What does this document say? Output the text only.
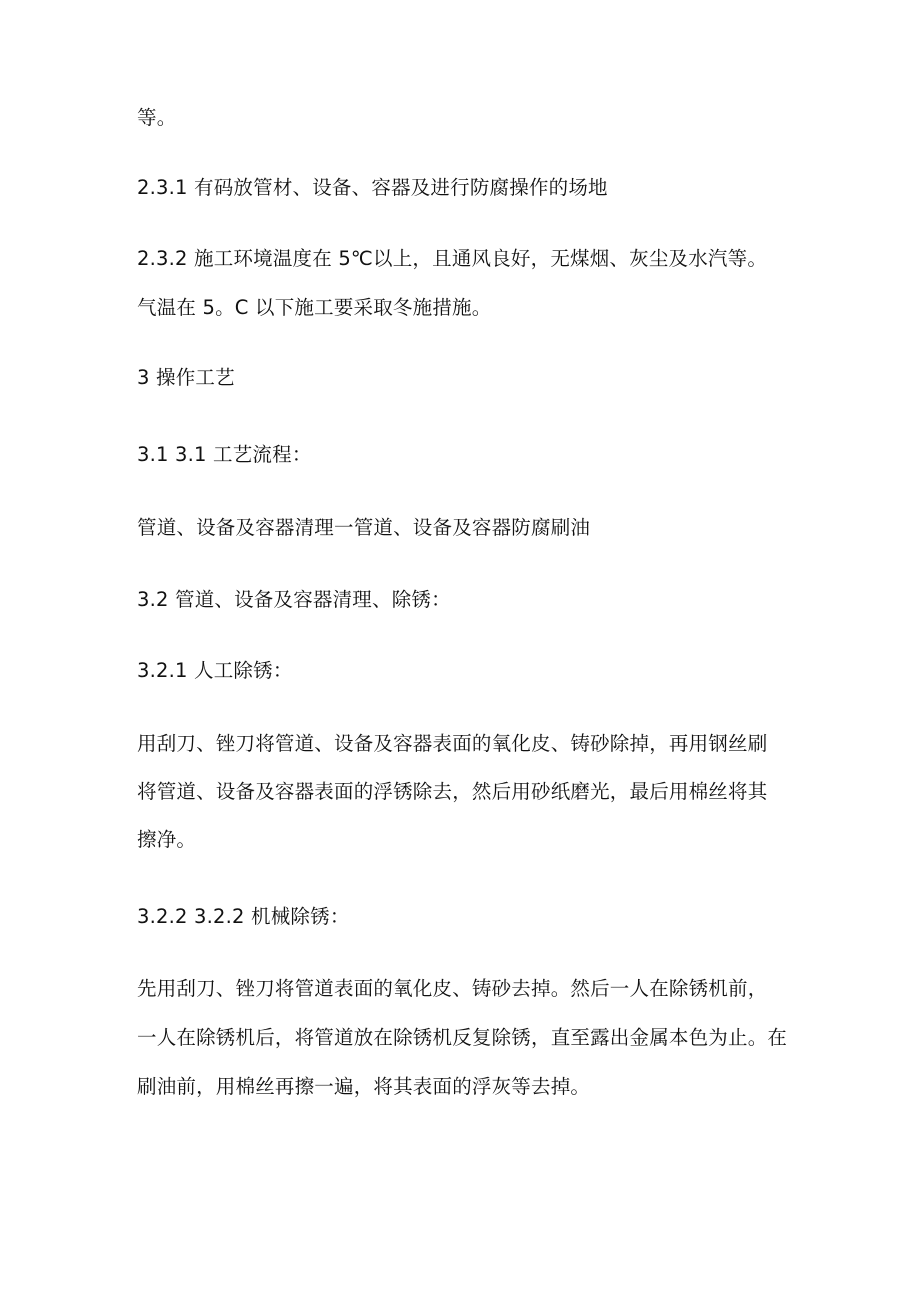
等。
2.3.1 有码放管材、设备、容器及进行防腐操作的场地
2.3.2 施工环境温度在 5℃以上，且通风良好，无煤烟、灰尘及水汽等。
气温在 5。C 以下施工要采取冬施措施。
3 操作工艺
3.1 3.1 工艺流程：
管道、设备及容器清理一管道、设备及容器防腐刷油
3.2 管道、设备及容器清理、除锈：
3.2.1 人工除锈：
用刮刀、锉刀将管道、设备及容器表面的氧化皮、铸砂除掉，再用钢丝刷
将管道、设备及容器表面的浮锈除去，然后用砂纸磨光，最后用棉丝将其
擦净。
3.2.2 3.2.2 机械除锈：
先用刮刀、锉刀将管道表面的氧化皮、铸砂去掉。然后一人在除锈机前，
一人在除锈机后，将管道放在除锈机反复除锈，直至露出金属本色为止。在
刷油前，用棉丝再擦一遍，将其表面的浮灰等去掉。
